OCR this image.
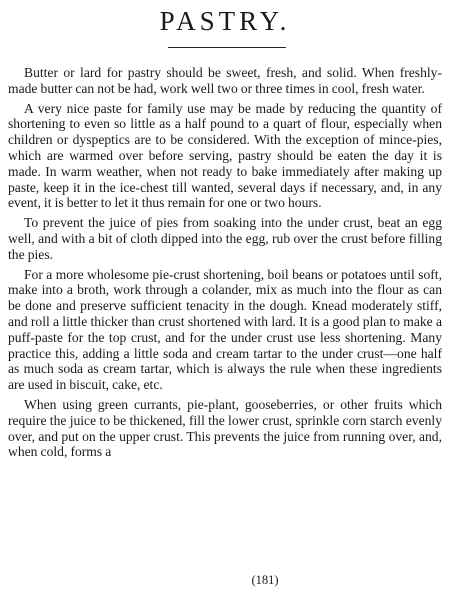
PASTRY.

Butter or lard for pastry should be sweet, fresh, and solid. When freshly-made butter can not be had, work well two or three times in cool, fresh water.

A very nice paste for family use may be made by reducing the quantity of shortening to even so little as a half pound to a quart of flour, especially when children or dyspeptics are to be considered. With the exception of mince-pies, which are warmed over before serving, pastry should be eaten the day it is made. In warm weather, when not ready to bake immediately after making up paste, keep it in the ice-chest till wanted, several days if necessary, and, in any event, it is better to let it thus remain for one or two hours.

To prevent the juice of pies from soaking into the under crust, beat an egg well, and with a bit of cloth dipped into the egg, rub over the crust before filling the pies.

For a more wholesome pie-crust shortening, boil beans or potatoes until soft, make into a broth, work through a colander, mix as much into the flour as can be done and preserve sufficient tenacity in the dough. Knead moderately stiff, and roll a little thicker than crust shortened with lard. It is a good plan to make a puff-paste for the top crust, and for the under crust use less shortening. Many practice this, adding a little soda and cream tartar to the under crust—one half as much soda as cream tartar, which is always the rule when these ingredients are used in biscuit, cake, etc.

When using green currants, pie-plant, gooseberries, or other fruits which require the juice to be thickened, fill the lower crust, sprinkle corn starch evenly over, and put on the upper crust. This prevents the juice from running over, and, when cold, forms a

(181)
